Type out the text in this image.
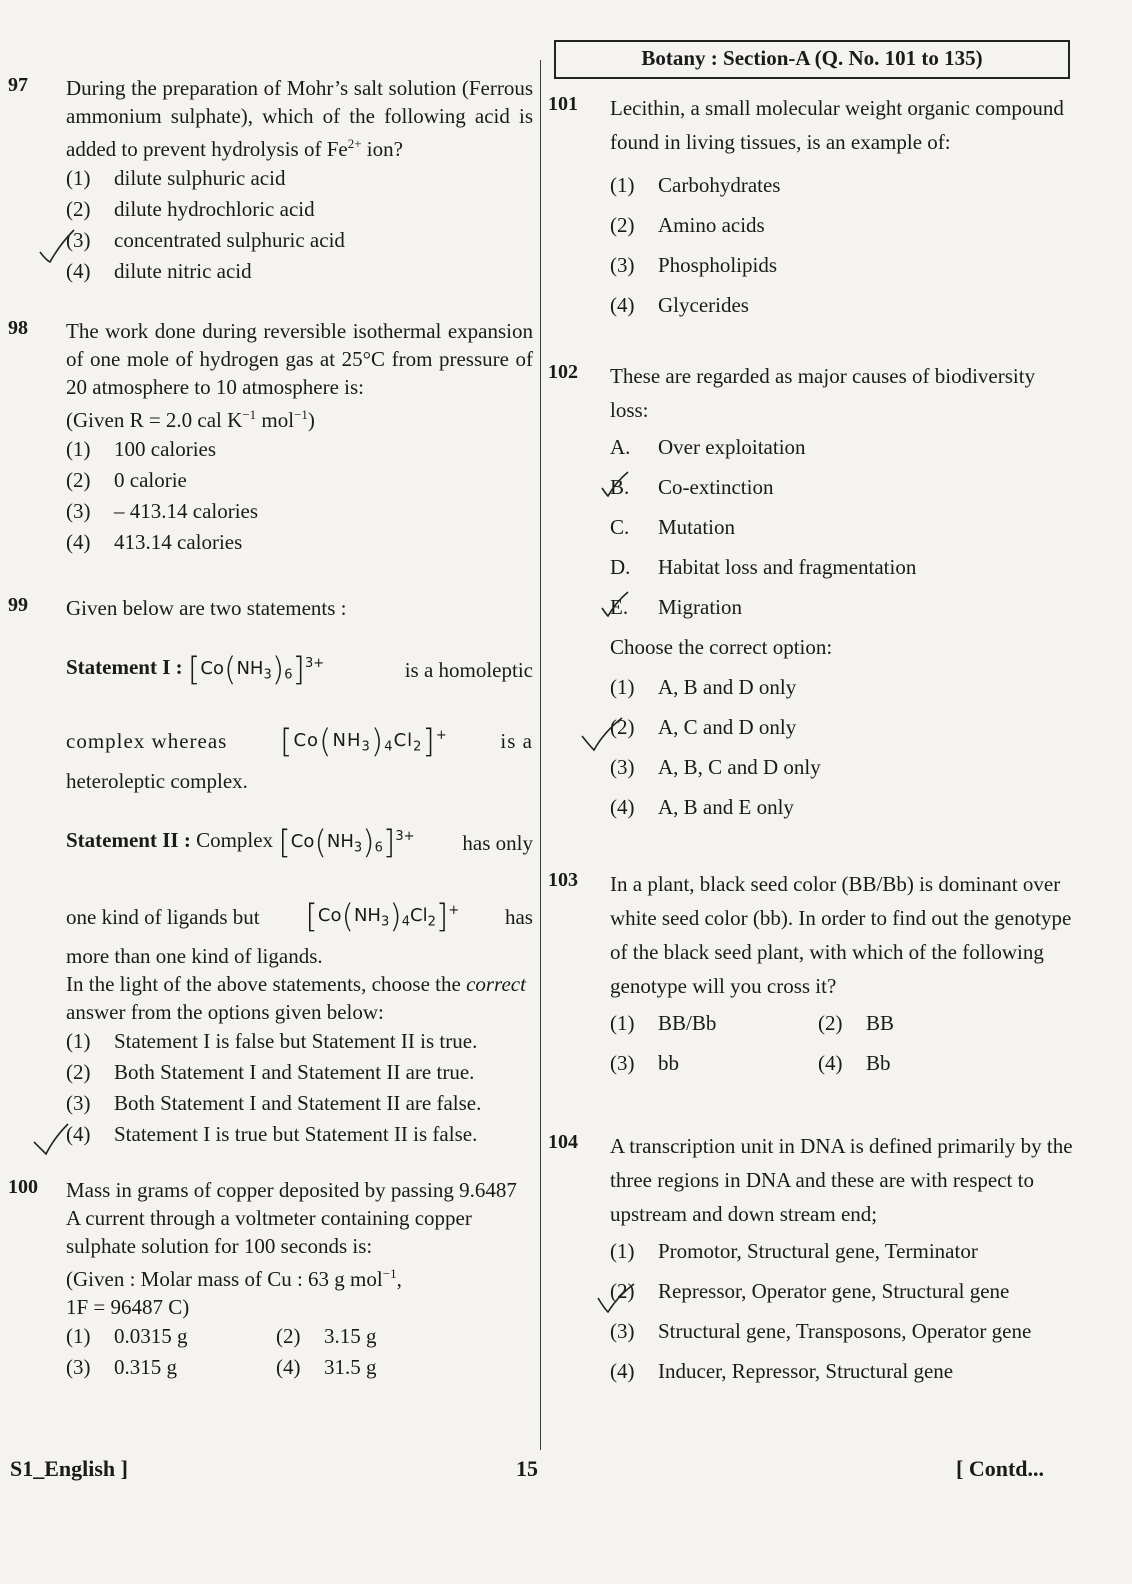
97 During the preparation of Mohr’s salt solution (Ferrous ammonium sulphate), which of the following acid is added to prevent hydrolysis of $Fe^{2+}$ ion?
(1)	dilute sulphuric acid
(2)	dilute hydrochloric acid
(3)	concentrated sulphuric acid
(4)	dilute nitric acid
98 The work done during reversible isothermal expansion of one mole of hydrogen gas at 25°C from pressure of 20 atmosphere to 10 atmosphere is:
(Given R = 2.0 cal $K^{-1}$ mol$^{-1}$)
(1)	100 calories
(2)	0 calorie
(3)	– 413.14 calories
(4)	413.14 calories
99 Given below are two statements :
Statement I : $[Co(NH_3)_6]^{3+}$	is a homoleptic
complex whereas $[Co(NH_3)_4Cl_2]^+$	is a
heteroleptic complex.
Statement II : Complex $[Co(NH_3)_6]^{3+}$ has only
one kind of ligands but $[Co(NH_3)_4Cl_2]^+$ has
more than one kind of ligands.
In the light of the above statements, choose the correct answer from the options given below:
(1)	Statement I is false but Statement II is true.
(2)	Both Statement I and Statement II are true.
(3)	Both Statement I and Statement II are false.
(4)	Statement I is true but Statement II is false.
100 Mass in grams of copper deposited by passing 9.6487 A current through a voltmeter containing copper sulphate solution for 100 seconds is:
(Given : Molar mass of Cu : 63 g mol$^{-1}$,
1F = 96487 C)
(1)	0.0315 g	(2)	3.15 g
(3)	0.315 g	(4)	31.5 g
Botany : Section-A (Q. No. 101 to 135)
101 Lecithin, a small molecular weight organic compound found in living tissues, is an example of:
(1)	Carbohydrates
(2)	Amino acids
(3)	Phospholipids
(4)	Glycerides
102 These are regarded as major causes of biodiversity loss:
A.	Over exploitation
B.	Co-extinction
C.	Mutation
D.	Habitat loss and fragmentation
E.	Migration
Choose the correct option:
(1)	A, B and D only
(2)	A, C and D only
(3)	A, B, C and D only
(4)	A, B and E only
103 In a plant, black seed color (BB/Bb) is dominant over white seed color (bb). In order to find out the genotype of the black seed plant, with which of the following genotype will you cross it?
(1)	BB/Bb	(2)	BB
(3)	bb	(4)	Bb
104 A transcription unit in DNA is defined primarily by the three regions in DNA and these are with respect to upstream and down stream end;
(1)	Promotor, Structural gene, Terminator
(2)	Repressor, Operator gene, Structural gene
(3)	Structural gene, Transposons, Operator gene
(4)	Inducer, Repressor, Structural gene
S1_English ]	15	[ Contd...
